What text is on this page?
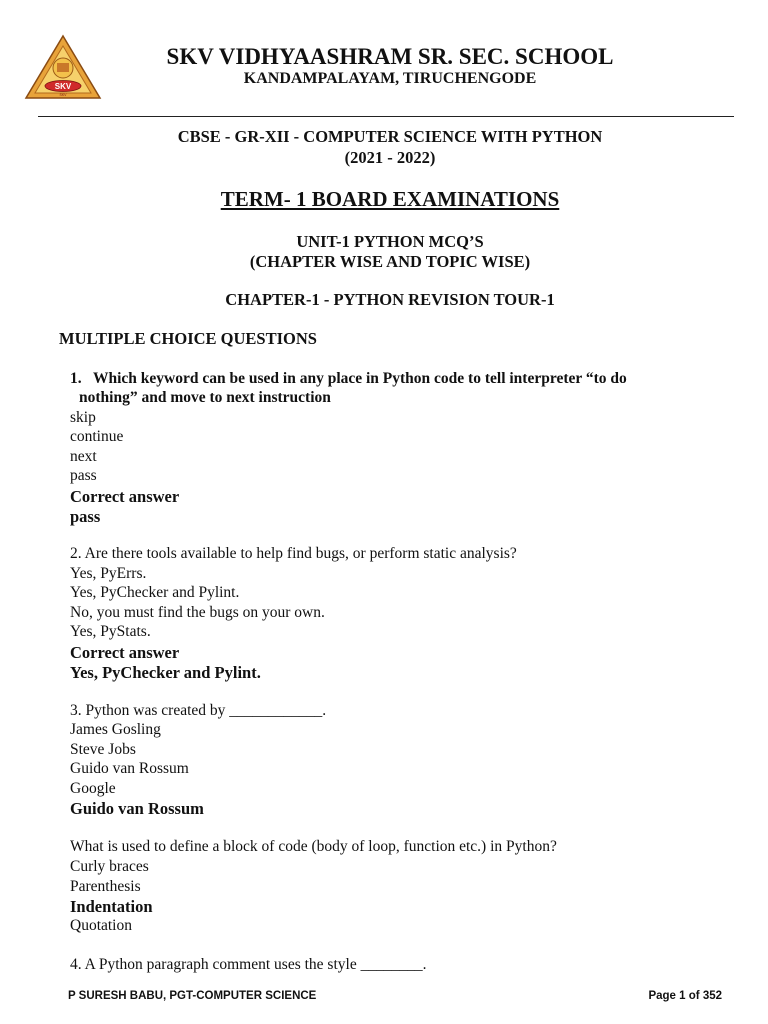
SKV
SKV
SKV VIDHYAASHRAM SR. SEC. SCHOOL
KANDAMPALAYAM, TIRUCHENGODE
CBSE - GR-XII - COMPUTER SCIENCE WITH PYTHON
(2021 - 2022)
TERM- 1 BOARD EXAMINATIONS
UNIT-1 PYTHON MCQ’S
(CHAPTER WISE AND TOPIC WISE)
CHAPTER-1 - PYTHON REVISION TOUR-1
MULTIPLE CHOICE QUESTIONS
1. Which keyword can be used in any place in Python code to tell interpreter “to do
nothing” and move to next instruction
skip
continue
next
pass
Correct answer
pass
2. Are there tools available to help find bugs, or perform static analysis?
Yes, PyErrs.
Yes, PyChecker and Pylint.
No, you must find the bugs on your own.
Yes, PyStats.
Correct answer
Yes, PyChecker and Pylint.
3. Python was created by ____________.
James Gosling
Steve Jobs
Guido van Rossum
Google
Guido van Rossum
What is used to define a block of code (body of loop, function etc.) in Python?
Curly braces
Parenthesis
Indentation
Quotation
4. A Python paragraph comment uses the style ________.
P SURESH BABU, PGT-COMPUTER SCIENCE	Page 1 of 352
